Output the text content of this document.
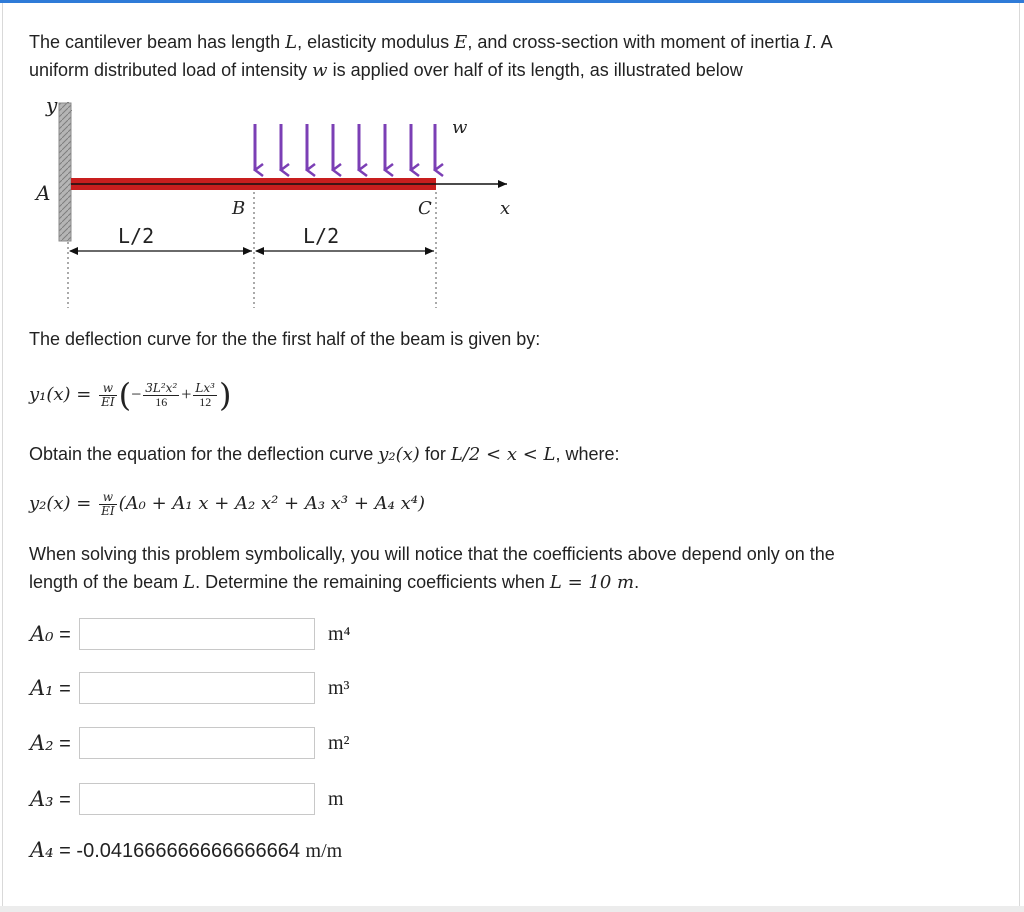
The cantilever beam has length L, elasticity modulus E, and cross-section with moment of inertia I. A
uniform distributed load of intensity w is applied over half of its length, as illustrated below
y
w
A
B	C	x
L/2	L/2
The deflection curve for the the first half of the beam is given by:
$y_1(x) = \frac{w}{EI}$ (− $\frac{\text{3L²x²}}{16} + \frac{\text{Lx³}}{12}$ )
Obtain the equation for the deflection curve y₂(x) for L/2 < x < L, where:
$y_2(x) = \frac{w}{EI} (A_0 + A_1$ x + A₂ x² + A₃ x³ + A₄ x⁴)
When solving this problem symbolically, you will notice that the coefficients above depend only on the
length of the beam L. Determine the remaining coefficients when L = 10 m.
A₀ =	m⁴
A₁ =	m³
A₂ =	m²
A₃ =	m
A₄ = -0.041666666666666664 m/m
